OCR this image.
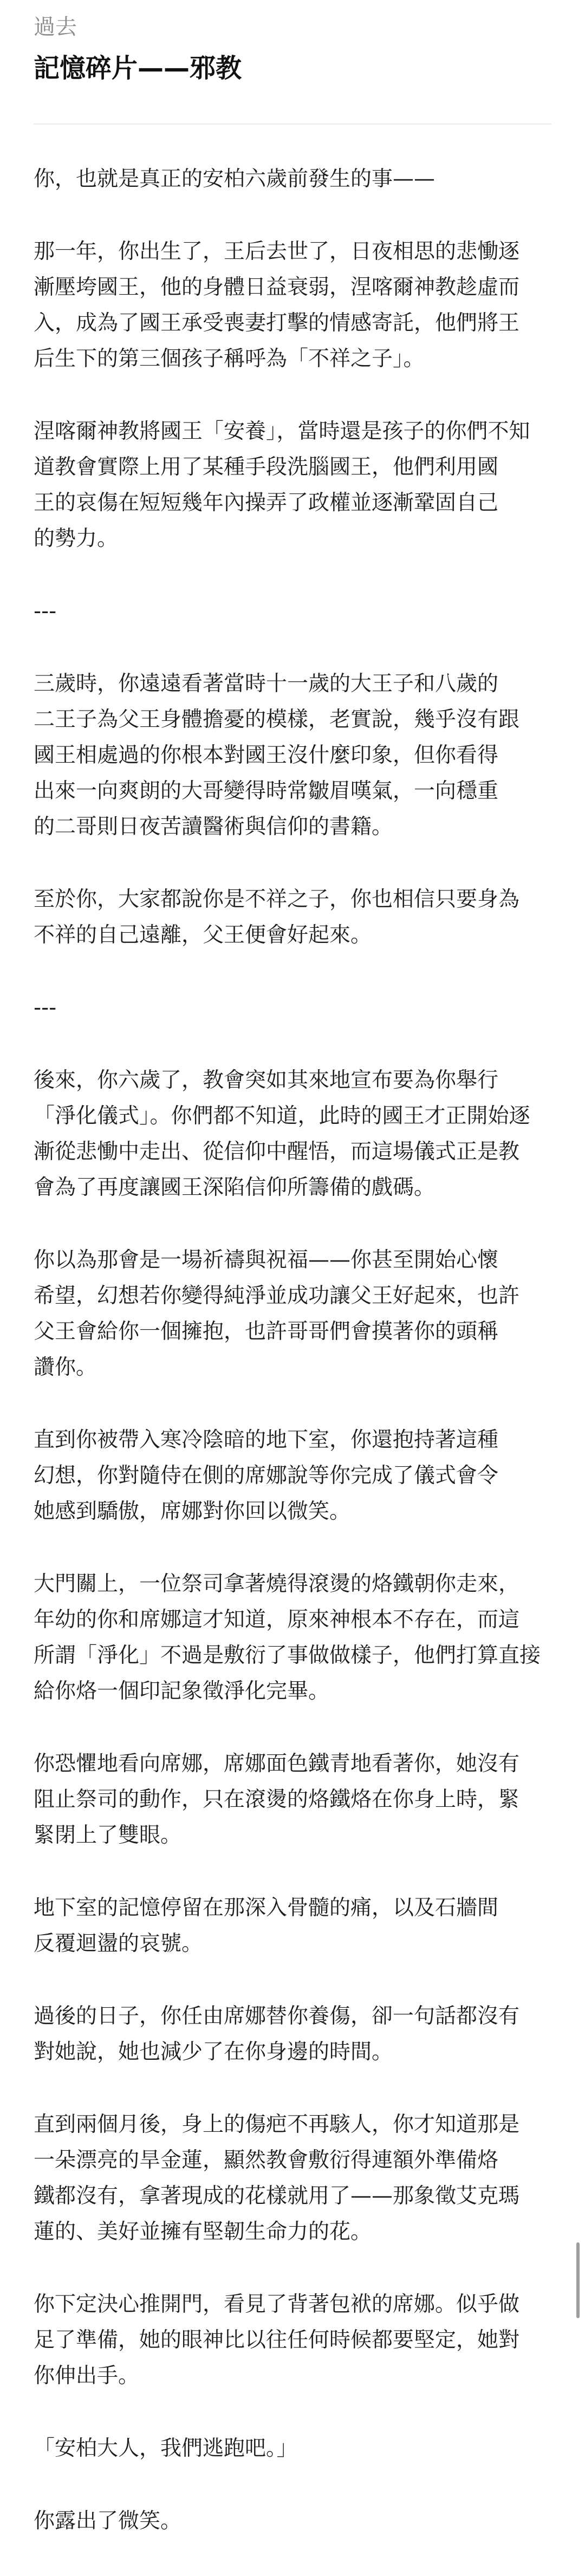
過去
記憶碎片——邪教

你，也就是真正的安柏六歲前發生的事——

那一年，你出生了，王后去世了，日夜相思的悲慟逐
漸壓垮國王，他的身體日益衰弱，涅喀爾神教趁虛而
入，成為了國王承受喪妻打擊的情感寄託，他們將王
后生下的第三個孩子稱呼為「不祥之子」。

涅喀爾神教將國王「安養」，當時還是孩子的你們不知
道教會實際上用了某種手段洗腦國王，他們利用國
王的哀傷在短短幾年內操弄了政權並逐漸鞏固自己
的勢力。

---

三歲時，你遠遠看著當時十一歲的大王子和八歲的
二王子為父王身體擔憂的模樣，老實說，幾乎沒有跟
國王相處過的你根本對國王沒什麼印象，但你看得
出來一向爽朗的大哥變得時常皺眉嘆氣，一向穩重
的二哥則日夜苦讀醫術與信仰的書籍。

至於你，大家都說你是不祥之子，你也相信只要身為
不祥的自己遠離，父王便會好起來。

---

後來，你六歲了，教會突如其來地宣布要為你舉行
「淨化儀式」。你們都不知道，此時的國王才正開始逐
漸從悲慟中走出、從信仰中醒悟，而這場儀式正是教
會為了再度讓國王深陷信仰所籌備的戲碼。

你以為那會是一場祈禱與祝福——你甚至開始心懷
希望，幻想若你變得純淨並成功讓父王好起來，也許
父王會給你一個擁抱，也許哥哥們會摸著你的頭稱
讚你。

直到你被帶入寒冷陰暗的地下室，你還抱持著這種
幻想，你對隨侍在側的席娜說等你完成了儀式會令
她感到驕傲，席娜對你回以微笑。

大門關上，一位祭司拿著燒得滾燙的烙鐵朝你走來，
年幼的你和席娜這才知道，原來神根本不存在，而這
所謂「淨化」不過是敷衍了事做做樣子，他們打算直接
給你烙一個印記象徵淨化完畢。

你恐懼地看向席娜，席娜面色鐵青地看著你，她沒有
阻止祭司的動作，只在滾燙的烙鐵烙在你身上時，緊
緊閉上了雙眼。

地下室的記憶停留在那深入骨髓的痛，以及石牆間
反覆迴盪的哀號。

過後的日子，你任由席娜替你養傷，卻一句話都沒有
對她說，她也減少了在你身邊的時間。

直到兩個月後，身上的傷疤不再駭人，你才知道那是
一朵漂亮的旱金蓮，顯然教會敷衍得連額外準備烙
鐵都沒有，拿著現成的花樣就用了——那象徵艾克瑪
蓮的、美好並擁有堅韌生命力的花。

你下定決心推開門，看見了背著包袱的席娜。似乎做
足了準備，她的眼神比以往任何時候都要堅定，她對
你伸出手。

「安柏大人，我們逃跑吧。」

你露出了微笑。
